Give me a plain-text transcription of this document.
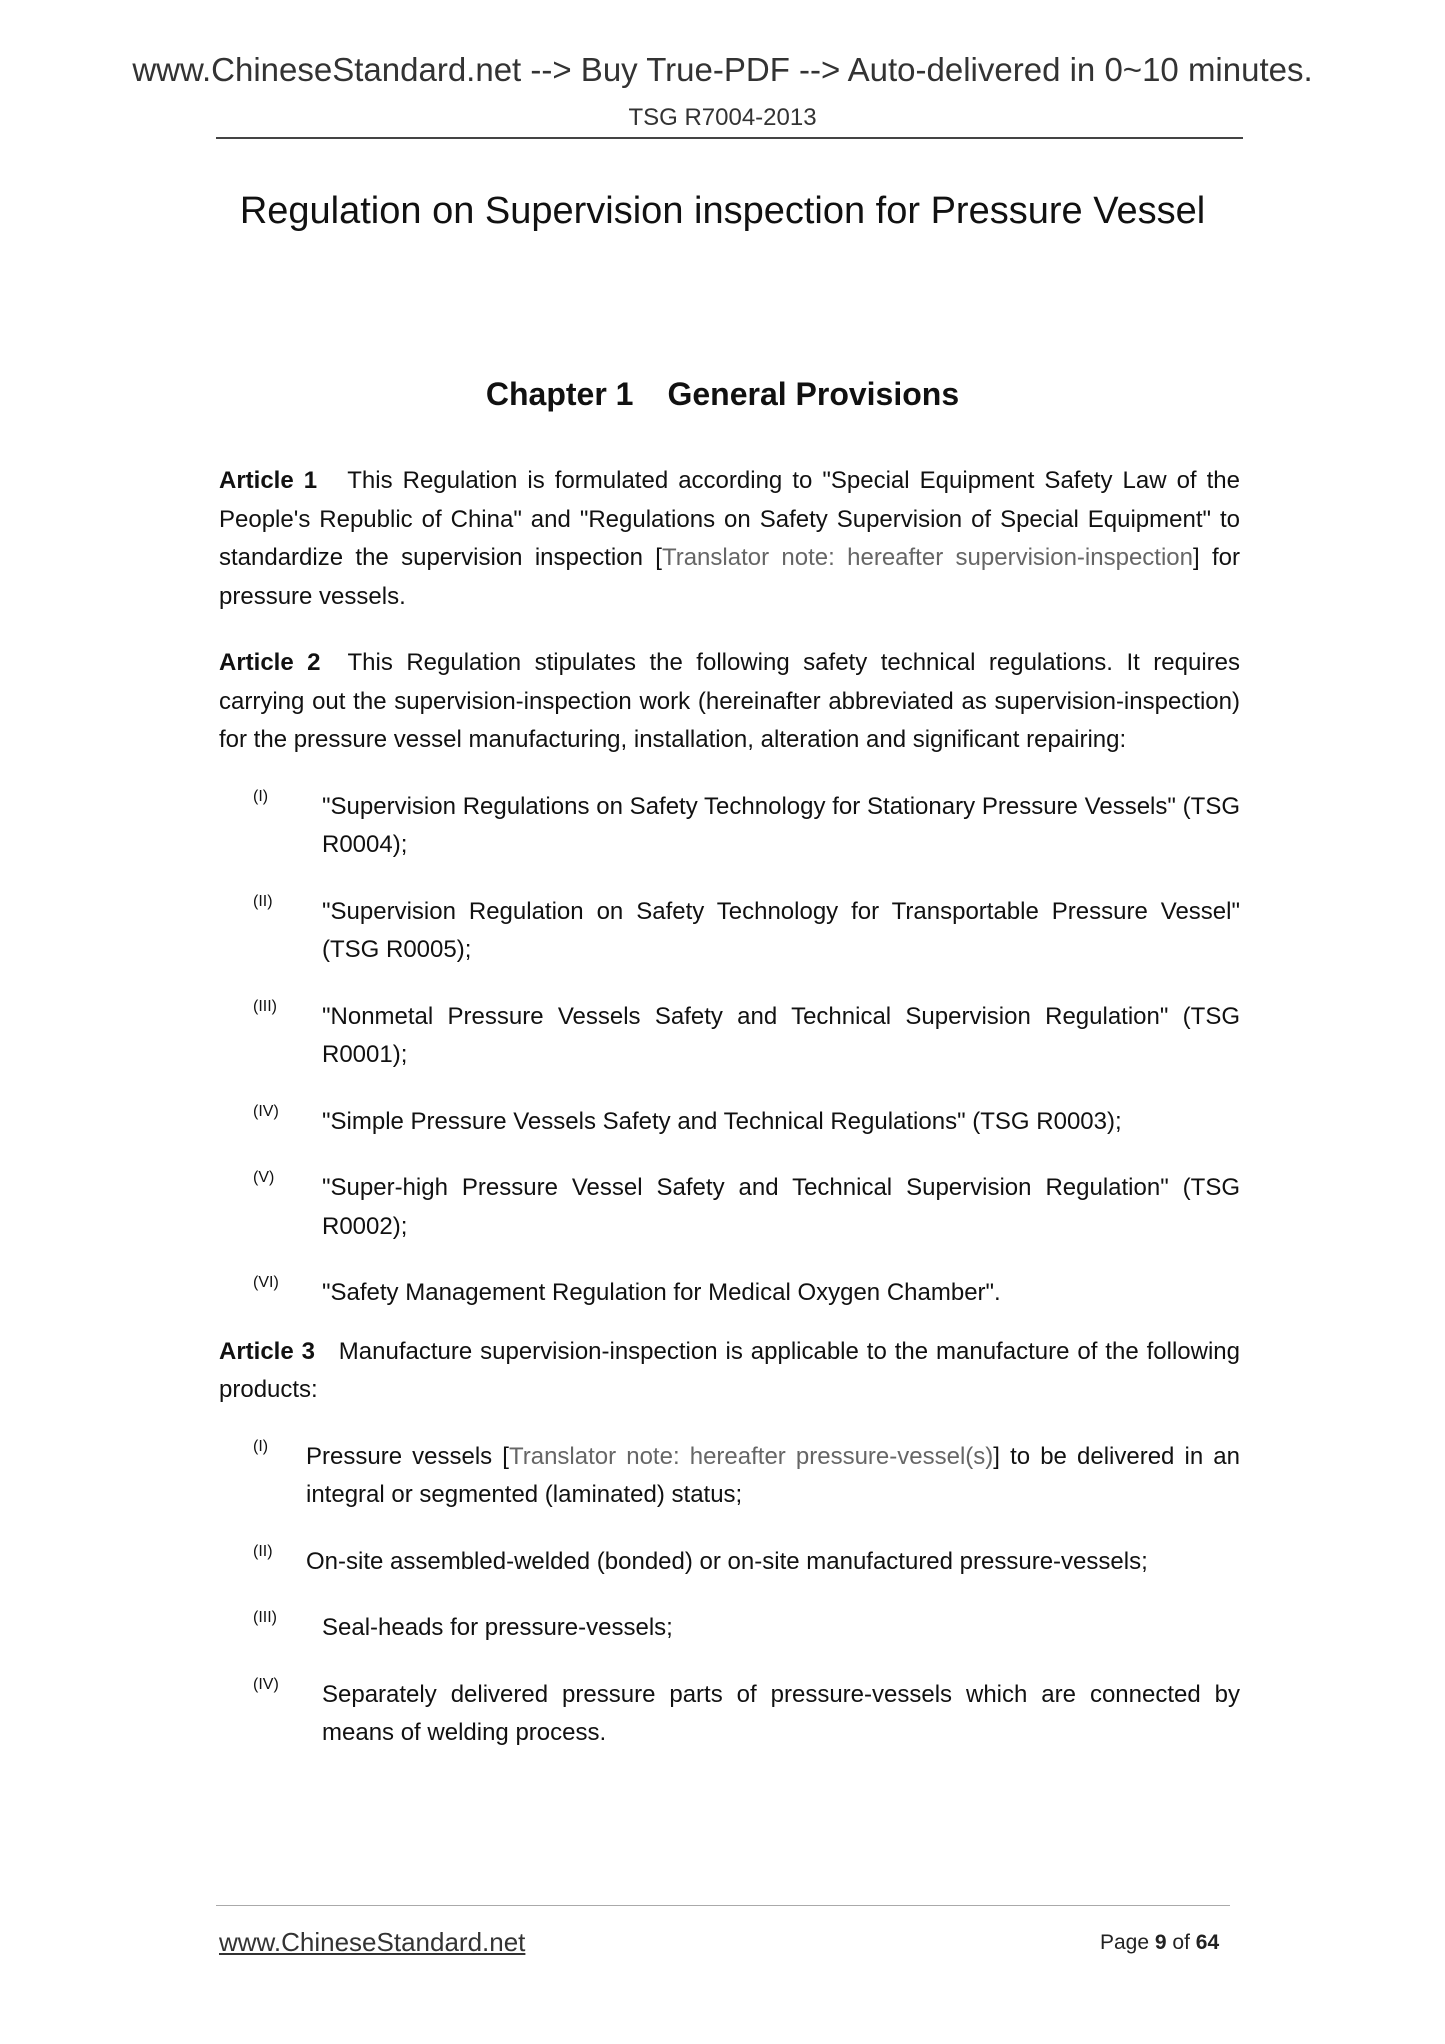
www.ChineseStandard.net --> Buy True-PDF --> Auto-delivered in 0~10 minutes.
TSG R7004-2013
Regulation on Supervision inspection for Pressure Vessel
Chapter 1 General Provisions

Article 1 This Regulation is formulated according to "Special Equipment Safety Law of the People's Republic of China" and "Regulations on Safety Supervision of Special Equipment" to standardize the supervision inspection [Translator note: hereafter supervision-inspection] for pressure vessels.

Article 2 This Regulation stipulates the following safety technical regulations. It requires carrying out the supervision-inspection work (hereinafter abbreviated as supervision-inspection) for the pressure vessel manufacturing, installation, alteration and significant repairing:

(I) "Supervision Regulations on Safety Technology for Stationary Pressure Vessels" (TSG R0004);

(II) "Supervision Regulation on Safety Technology for Transportable Pressure Vessel" (TSG R0005);

(III) "Nonmetal Pressure Vessels Safety and Technical Supervision Regulation" (TSG R0001);

(IV) "Simple Pressure Vessels Safety and Technical Regulations" (TSG R0003);

(V) "Super-high Pressure Vessel Safety and Technical Supervision Regulation" (TSG R0002);

(VI) "Safety Management Regulation for Medical Oxygen Chamber".

Article 3 Manufacture supervision-inspection is applicable to the manufacture of the following products:

(I) Pressure vessels [Translator note: hereafter pressure-vessel(s)] to be delivered in an integral or segmented (laminated) status;

(II) On-site assembled-welded (bonded) or on-site manufactured pressure-vessels;

(III) Seal-heads for pressure-vessels;

(IV) Separately delivered pressure parts of pressure-vessels which are connected by means of welding process.

www.ChineseStandard.net	Page 9 of 64
